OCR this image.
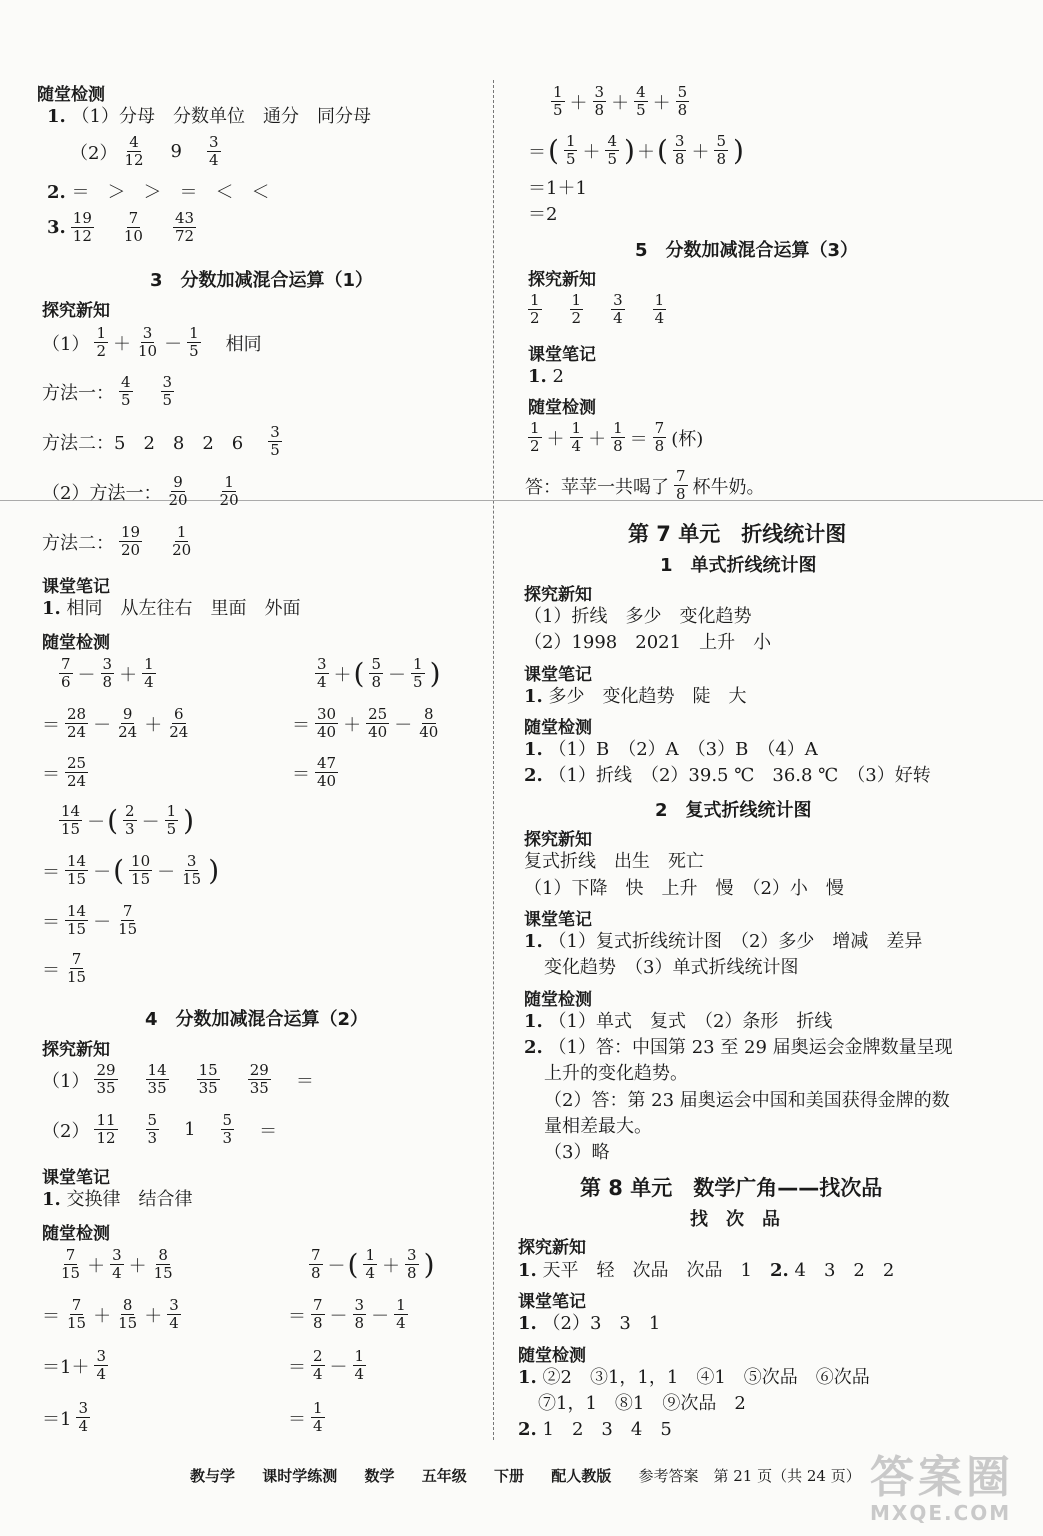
随堂检测
1. （1）分母　分数单位　通分　同分母
（2）
4
12 9 3
4
2. ＝　＞　＞　＝　＜　＜
3. 19
12
7
10
43
72
3　分数加减混合运算（1）
探究新知
（1）
1
2 ＋
3
10 －
1
5 相同
方法一：
4
5
3
5
方法二：5　2　8　2　6
3
5
（2）方法一：
9
20
1
20
方法二：
19
20
1
20
课堂笔记
1. 相同　从左往右　里面　外面
随堂检测
7
6 －
3
8 ＋
1
4
＝
28
24 －
9
24 ＋
6
24
＝
25
24
3
4 ＋ ( 5
8 －
1
5 )
＝
30
40 ＋
25
40 －
8
40
＝
47
40
14
15 － ( 2
3 －
1
5 )
＝
14
15 － ( 10
15 －
3
15 )
＝
14
15 －
7
15
＝
7
15
4　分数加减混合运算（2）
探究新知
（1）
29
35
14
35
15
35
29
35 ＝
（2）
11
12
5
3 1 5
3 ＝
课堂笔记
1. 交换律　结合律
随堂检测
7
15 ＋
3
4 ＋
8
15
＝
7
15 ＋
8
15 ＋
3
4
＝1＋
3
4
＝1
3
4
7
8 － ( 1
4 ＋
3
8 )
＝
7
8 －
3
8 －
1
4
＝
2
4 －
1
4
＝
1
4
1
5 ＋
3
8 ＋
4
5 ＋
5
8
＝ ( 1
5 ＋
4
5 ) ＋ ( 3
8 ＋
5
8 )
＝1＋1
＝2
5　分数加减混合运算（3）
探究新知
1
2
1
2
3
4
1
4
课堂笔记
1. 2
随堂检测
1
2 ＋
1
4 ＋
1
8 ＝
7
8 (杯)
答：苹苹一共喝了
7
8 杯牛奶。
第 7 单元　折线统计图
1　单式折线统计图
探究新知
（1）折线　多少　变化趋势
（2）1998　2021　上升　小
课堂笔记
1. 多少　变化趋势　陡　大
随堂检测
1. （1）B　（2）A　（3）B　（4）A
2. （1）折线　（2）39.5 ℃　36.8 ℃　（3）好转
2　复式折线统计图
探究新知
复式折线　出生　死亡
（1）下降　快　上升　慢　（2）小　慢
课堂笔记
1. （1）复式折线统计图　（2）多少　增减　差异
变化趋势　（3）单式折线统计图
随堂检测
1. （1）单式　复式　（2）条形　折线
2. （1）答：中国第 23 至 29 届奥运会金牌数量呈现
上升的变化趋势。
（2）答：第 23 届奥运会中国和美国获得金牌的数
量相差最大。
（3）略
第 8 单元　数学广角——找次品
找　次　品
探究新知
1. 天平　轻　次品　次品　1　 2. 4　3　2　2
课堂笔记
1. （2）3　3　1
随堂检测
1. ②2　③1，1，1　④1　⑤次品　⑥次品
⑦1，1　⑧1　⑨次品　2
2. 1　2　3　4　5
教与学 课时学练测 数学 五年级 下册 配人教版 参考答案　第 21 页（共 24 页） 答案圈
MXQE.COM
